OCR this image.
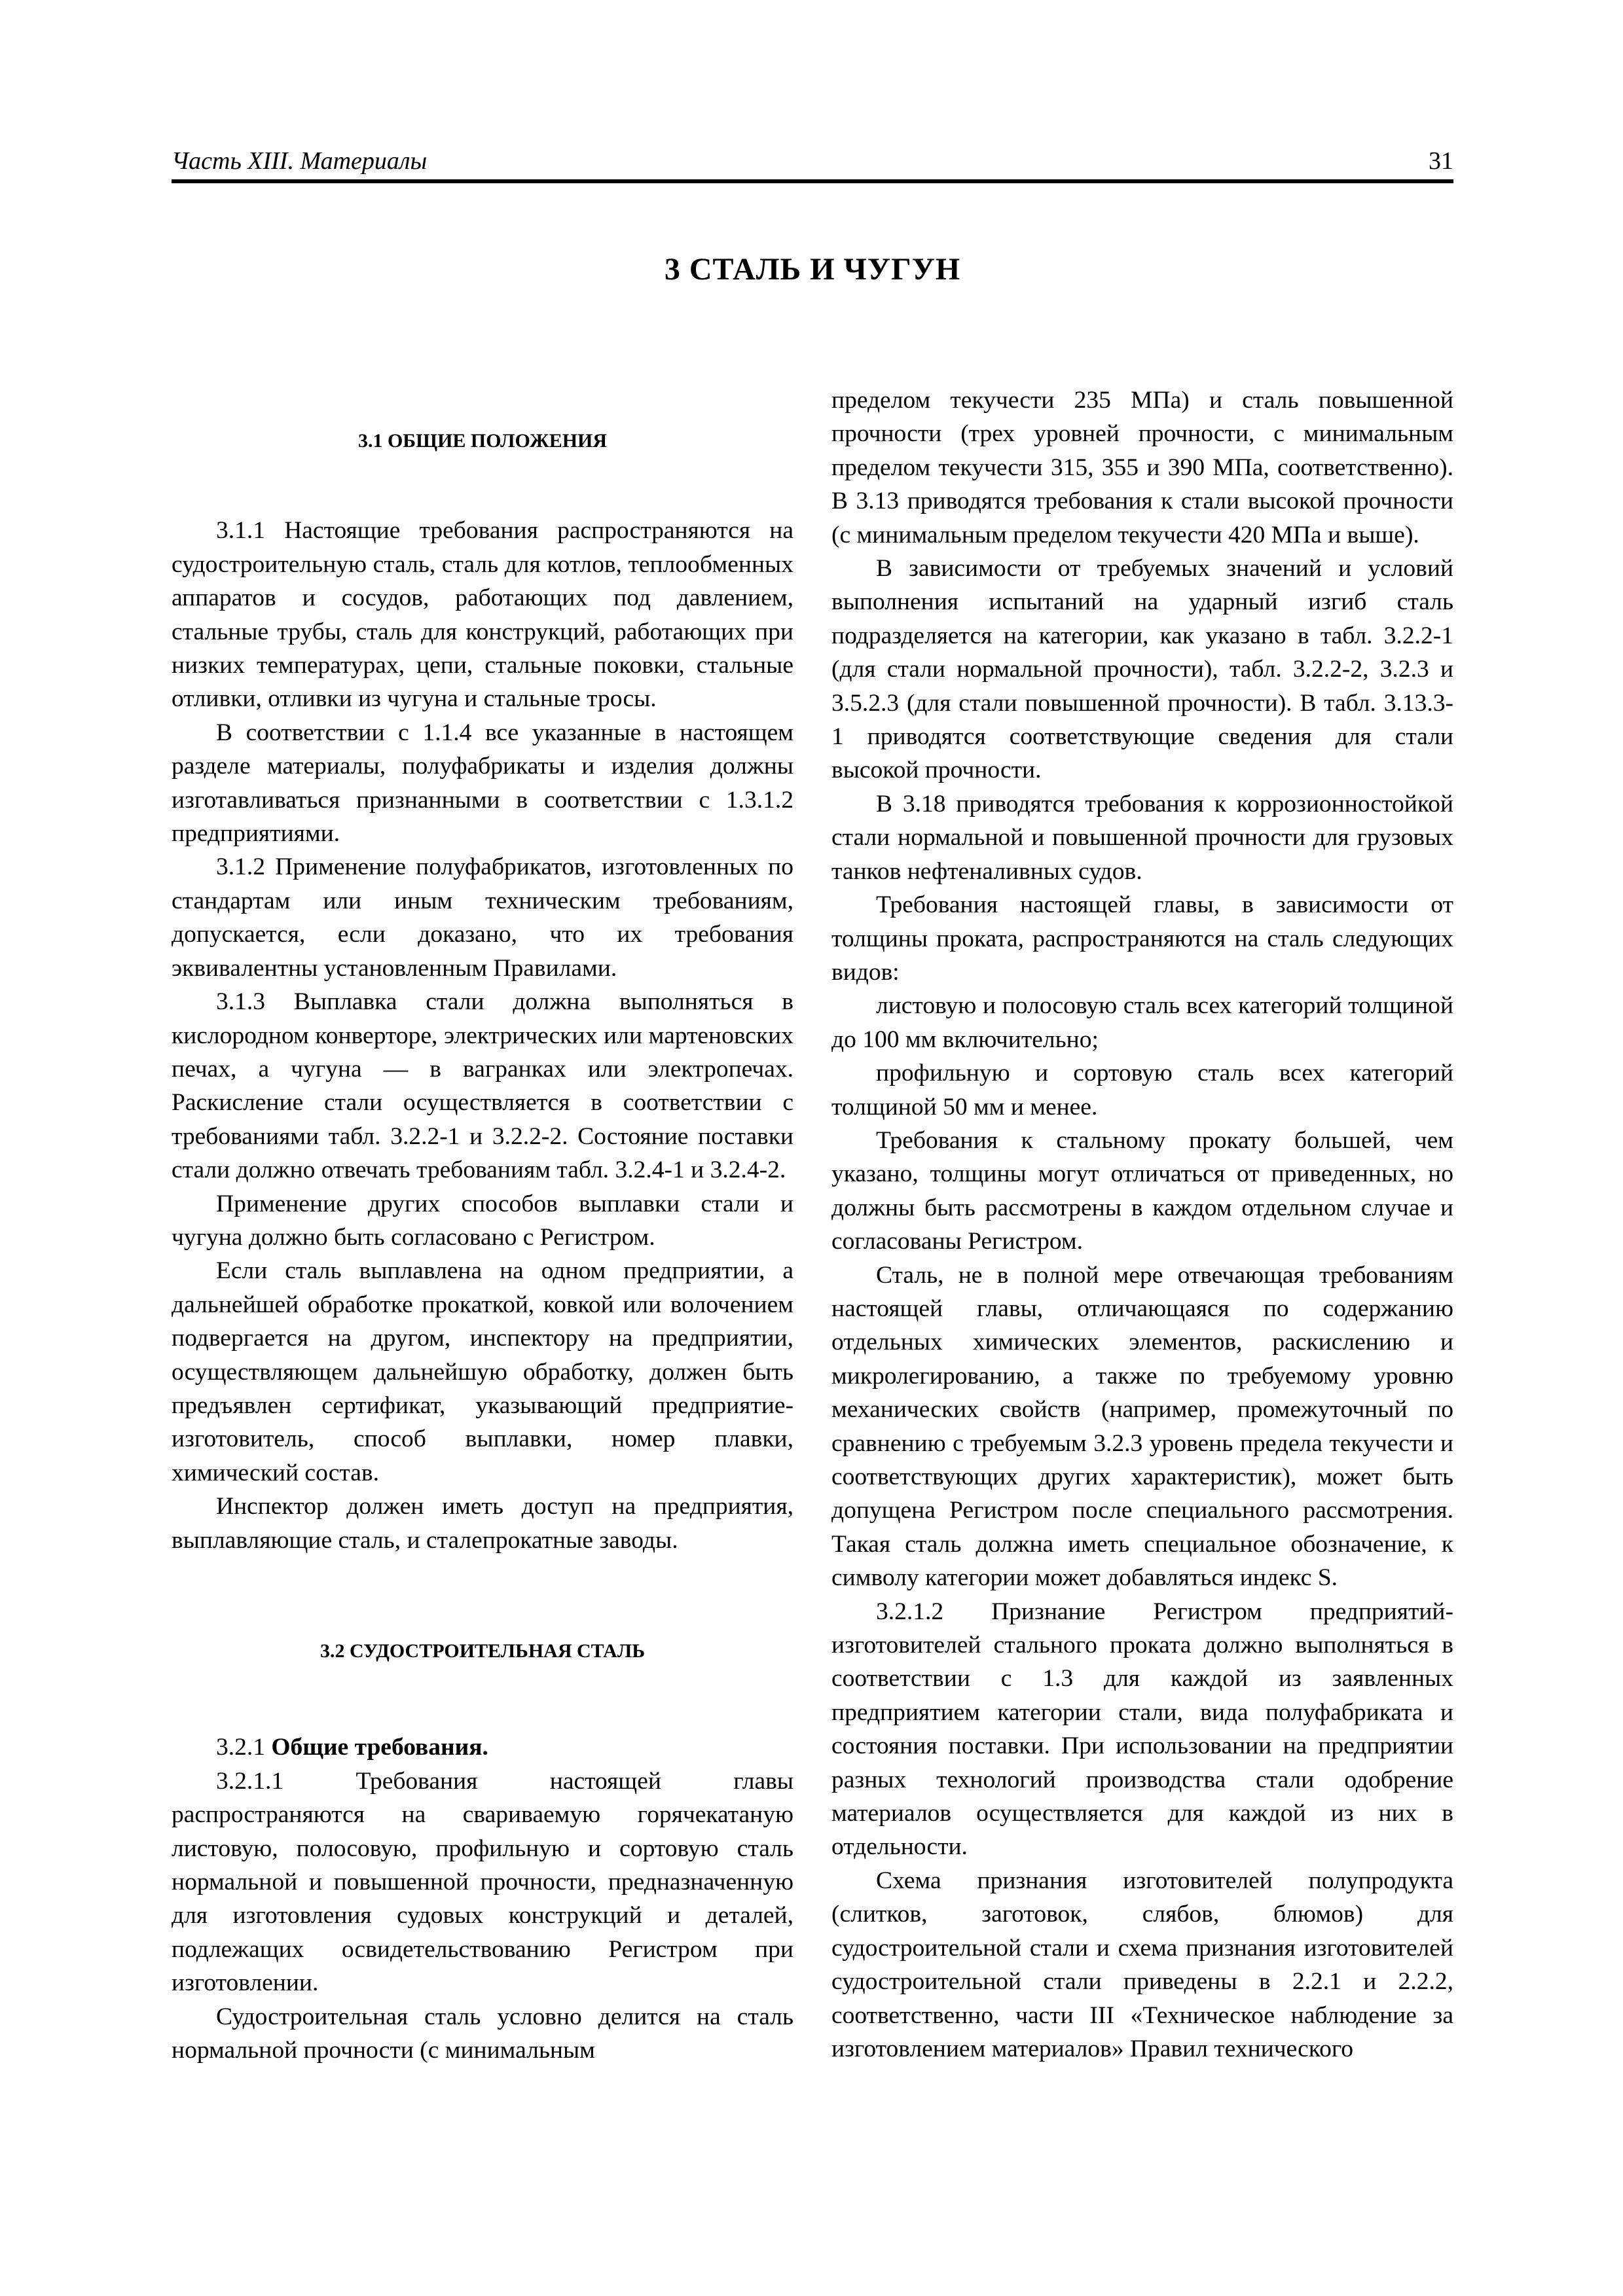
Часть XIII. Материалы	31
3 СТАЛЬ И ЧУГУН
3.1 ОБЩИЕ ПОЛОЖЕНИЯ

3.1.1 Настоящие требования распространяются на судостроительную сталь, сталь для котлов, теплообменных аппаратов и сосудов, работающих под давлением, стальные трубы, сталь для конструкций, работающих при низких температурах, цепи, стальные поковки, стальные отливки, отливки из чугуна и стальные тросы.

В соответствии с 1.1.4 все указанные в настоящем разделе материалы, полуфабрикаты и изделия должны изготавливаться признанными в соответствии с 1.3.1.2 предприятиями.

3.1.2 Применение полуфабрикатов, изготовленных по стандартам или иным техническим требованиям, допускается, если доказано, что их требования эквивалентны установленным Правилами.

3.1.3 Выплавка стали должна выполняться в кислородном конверторе, электрических или мартеновских печах, а чугуна — в вагранках или электропечах. Раскисление стали осуществляется в соответствии с требованиями табл. 3.2.2-1 и 3.2.2-2. Состояние поставки стали должно отвечать требованиям табл. 3.2.4-1 и 3.2.4-2.

Применение других способов выплавки стали и чугуна должно быть согласовано с Регистром.

Если сталь выплавлена на одном предприятии, а дальнейшей обработке прокаткой, ковкой или волочением подвергается на другом, инспектору на предприятии, осуществляющем дальнейшую обработку, должен быть предъявлен сертификат, указывающий предприятие-изготовитель, способ выплавки, номер плавки, химический состав.

Инспектор должен иметь доступ на предприятия, выплавляющие сталь, и сталепрокатные заводы.

3.2 СУДОСТРОИТЕЛЬНАЯ СТАЛЬ

3.2.1 Общие требования.

3.2.1.1 Требования настоящей главы распространяются на свариваемую горячекатаную листовую, полосовую, профильную и сортовую сталь нормальной и повышенной прочности, предназначенную для изготовления судовых конструкций и деталей, подлежащих освидетельствованию Регистром при изготовлении.

Судостроительная сталь условно делится на сталь нормальной прочности (с минимальным

пределом текучести 235 МПа) и сталь повышенной прочности (трех уровней прочности, с минимальным пределом текучести 315, 355 и 390 МПа, соответственно). В 3.13 приводятся требования к стали высокой прочности (с минимальным пределом текучести 420 МПа и выше).

В зависимости от требуемых значений и условий выполнения испытаний на ударный изгиб сталь подразделяется на категории, как указано в табл. 3.2.2-1 (для стали нормальной прочности), табл. 3.2.2-2, 3.2.3 и 3.5.2.3 (для стали повышенной прочности). В табл. 3.13.3-1 приводятся соответствующие сведения для стали высокой прочности.

В 3.18 приводятся требования к коррозионностойкой стали нормальной и повышенной прочности для грузовых танков нефтеналивных судов.

Требования настоящей главы, в зависимости от толщины проката, распространяются на сталь следующих видов:

листовую и полосовую сталь всех категорий толщиной до 100 мм включительно;

профильную и сортовую сталь всех категорий толщиной 50 мм и менее.

Требования к стальному прокату большей, чем указано, толщины могут отличаться от приведенных, но должны быть рассмотрены в каждом отдельном случае и согласованы Регистром.

Сталь, не в полной мере отвечающая требованиям настоящей главы, отличающаяся по содержанию отдельных химических элементов, раскислению и микролегированию, а также по требуемому уровню механических свойств (например, промежуточный по сравнению с требуемым 3.2.3 уровень предела текучести и соответствующих других характеристик), может быть допущена Регистром после специального рассмотрения. Такая сталь должна иметь специальное обозначение, к символу категории может добавляться индекс S.

3.2.1.2 Признание Регистром предприятий-изготовителей стального проката должно выполняться в соответствии с 1.3 для каждой из заявленных предприятием категории стали, вида полуфабриката и состояния поставки. При использовании на предприятии разных технологий производства стали одобрение материалов осуществляется для каждой из них в отдельности.

Схема признания изготовителей полупродукта (слитков, заготовок, слябов, блюмов) для судостроительной стали и схема признания изготовителей судостроительной стали приведены в 2.2.1 и 2.2.2, соответственно, части III «Техническое наблюдение за изготовлением материалов» Правил технического
